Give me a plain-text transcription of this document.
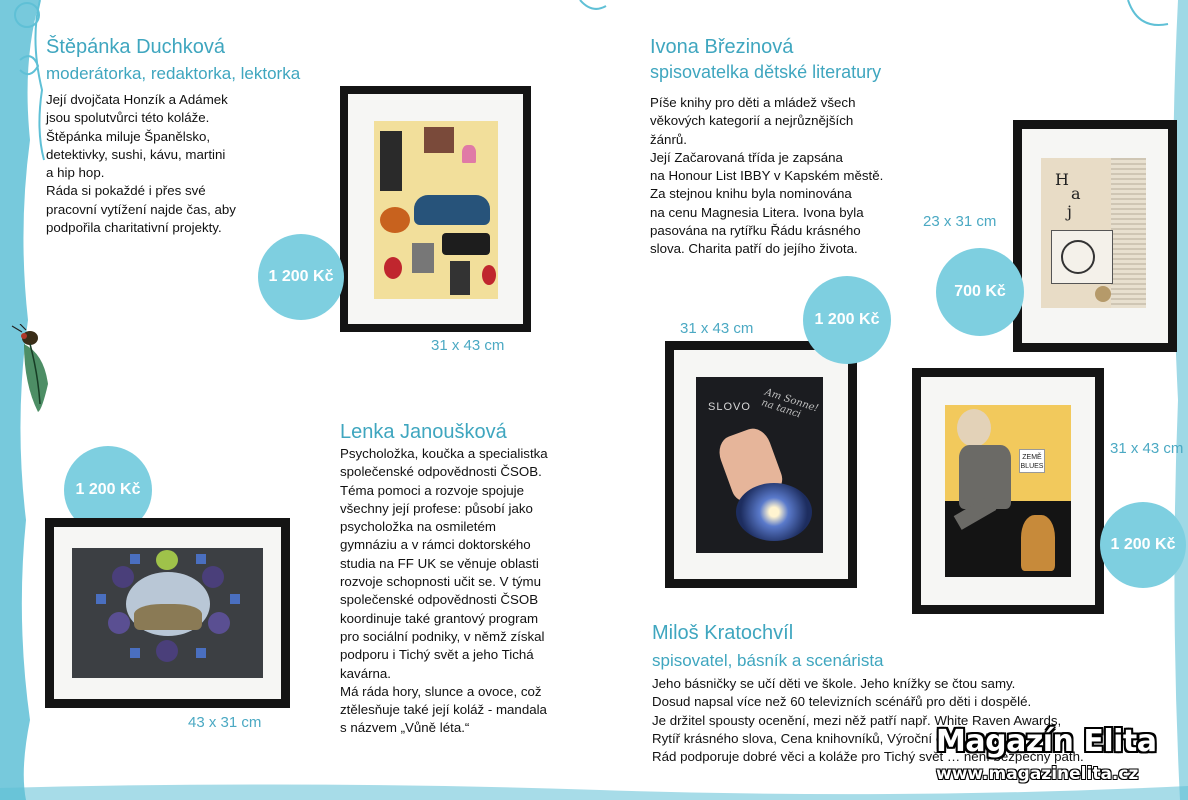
Štěpánka Duchková
moderátorka, redaktorka, lektorka
Její dvojčata Honzík a Adámek
jsou spolutvůrci této koláže.
Štěpánka miluje Španělsko,
detektivky, sushi, kávu, martini
a hip hop.
Ráda si pokaždé i přes své
pracovní vytížení najde čas, aby
podpořila charitativní projekty.
1 200 Kč
31 x 43 cm
1 200 Kč
43 x 31 cm
Lenka Janoušková
Psycholožka, koučka a specialistka
společenské odpovědnosti ČSOB.
Téma pomoci a rozvoje spojuje
všechny její profese: působí jako
psycholožka na osmiletém
gymnáziu a v rámci doktorského
studia na FF UK se věnuje oblasti
rozvoje schopnosti učit se. V týmu
společenské odpovědnosti ČSOB
koordinuje také grantový program
pro sociální podniky, v němž získal
podporu i Tichý svět a jeho Tichá
kavárna.
Má ráda hory, slunce a ovoce, což
ztělesňuje také její koláž - mandala
s názvem „Vůně léta.“
Ivona Březinová
spisovatelka dětské literatury
Píše knihy pro děti a mládež všech
věkových kategorií a nejrůznějších
žánrů.
Její Začarovaná třída je zapsána
na Honour List IBBY v Kapském městě.
Za stejnou knihu byla nominována
na cenu Magnesia Litera. Ivona byla
pasována na rytířku Řádu krásného
slova. Charita patří do jejího života.
23 x 31 cm
H
a
j
700 Kč
31 x 43 cm
SLOVO	Am Sonne! na tanci
1 200 Kč
ZEMĚ BLUES
31 x 43 cm
1 200 Kč
Miloš Kratochvíl
spisovatel, básník a scenárista
Jeho básničky se učí děti ve škole. Jeho knížky se čtou samy.
Dosud napsal více než 60 televizních scénářů pro děti i dospělé.
Je držitel spousty ocenění, mezi něž patří např. White Raven Awards,
Rytíř krásného slova, Cena knihovníků, Výroční cena Unie …
Rád podporuje dobré věci a koláže pro Tichý svět … není bezpečný path.
Magazín Elita
www.magazinelita.cz
